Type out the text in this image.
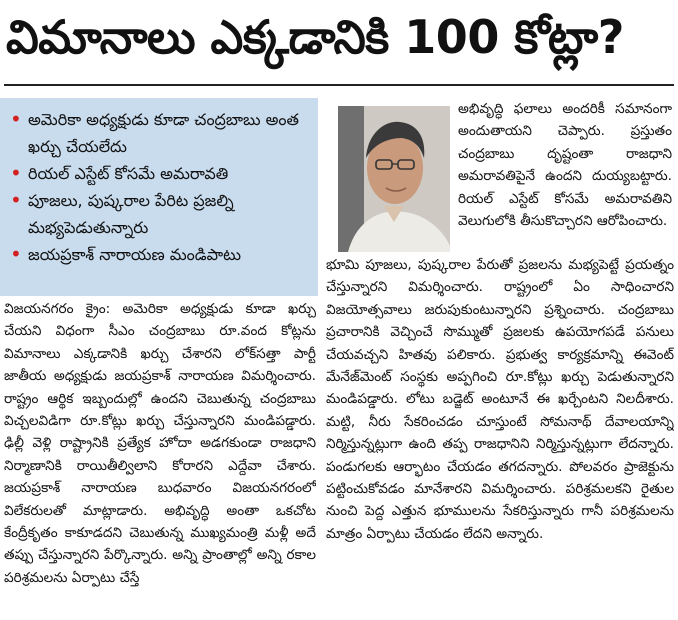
విమానాలు ఎక్కడానికి 100 కోట్లా?
• అమెరికా అధ్యక్షుడు కూడా చంద్రబాబు అంత ఖర్చు చేయలేదు
• రియల్ ఎస్టేట్ కోసమే అమరావతి
• పూజలు, పుష్కరాల పేరిట ప్రజల్ని మభ్యపెడుతున్నారు
• జయప్రకాశ్ నారాయణ మండిపాటు

విజయనగరం క్రైం: అమెరికా అధ్యక్షుడు కూడా ఖర్చు చేయని విధంగా సీఎం చంద్రబాబు రూ.వంద కోట్లను విమానాలు ఎక్కడానికి ఖర్చు చేశారని లోక్‌సత్తా పార్టీ జాతీయ అధ్యక్షుడు జయప్రకాశ్ నారాయణ విమర్శించారు. రాష్ట్రం ఆర్థిక ఇబ్బందుల్లో ఉందని చెబుతున్న చంద్రబాబు విచ్చలవిడిగా రూ.కోట్లు ఖర్చు చేస్తున్నారని మండిపడ్డారు. ఢిల్లీ వెళ్లి రాష్ట్రానికి ప్రత్యేక హోదా అడగకుండా రాజధాని నిర్మాణానికి రాయితీల్విలాని కోరారని ఎద్దేవా చేశారు. జయప్రకాశ్ నారాయణ బుధవారం విజయనగరంలో విలేకరులతో మాట్లాడారు. అభివృద్ధి అంతా ఒకచోట కేంద్రీకృతం కాకూడదని చెబుతున్న ముఖ్యమంత్రి మళ్లీ అదే తప్పు చేస్తున్నారని పేర్కొన్నారు. అన్ని ప్రాంతాల్లో అన్ని రకాల పరిశ్రమలను ఏర్పాటు చేస్తే

అభివృద్ధి ఫలాలు అందరికీ సమానంగా అందుతాయని చెప్పారు. ప్రస్తుతం చంద్రబాబు దృష్టంతా రాజధాని అమరావతిపైనే ఉందని దుయ్యబట్టారు. రియల్ ఎస్టేట్ కోసమే అమరావతిని వెలుగులోకి తీసుకొచ్చారని ఆరోపించారు.

భూమి పూజలు, పుష్కరాల పేరుతో ప్రజలను మభ్యపెట్టే ప్రయత్నం చేస్తున్నారని విమర్శించారు. రాష్ట్రంలో ఏం సాధించారని విజయోత్సవాలు జరుపుకుంటున్నారని ప్రశ్నించారు. చంద్రబాబు ప్రచారానికి వెచ్చించే సొమ్ముతో ప్రజలకు ఉపయోగపడే పనులు చేయవచ్చని హితవు పలికారు. ప్రభుత్వ కార్యక్రమాన్ని ఈవెంట్ మేనేజ్‌మెంట్ సంస్థకు అప్పగించి రూ.కోట్లు ఖర్చు పెడుతున్నారని మండిపడ్డారు. లోటు బడ్జెట్ అంటూనే ఈ ఖర్చేంటని నిలదీశారు. మట్టి, నీరు సేకరించడం చూస్తుంటే సోమనాథ్ దేవాలయాన్ని నిర్మిస్తున్నట్లుగా ఉంది తప్ప రాజధానిని నిర్మిస్తున్నట్లుగా లేదన్నారు. పండుగలకు ఆర్భాటం చేయడం తగదన్నారు. పోలవరం ప్రాజెక్టును పట్టించుకోవడం మానేశారని విమర్శించారు. పరిశ్రమలకని రైతుల నుంచి పెద్ద ఎత్తున భూములను సేకరిస్తున్నారు గానీ పరిశ్రమలను మాత్రం ఏర్పాటు చేయడం లేదని అన్నారు.
